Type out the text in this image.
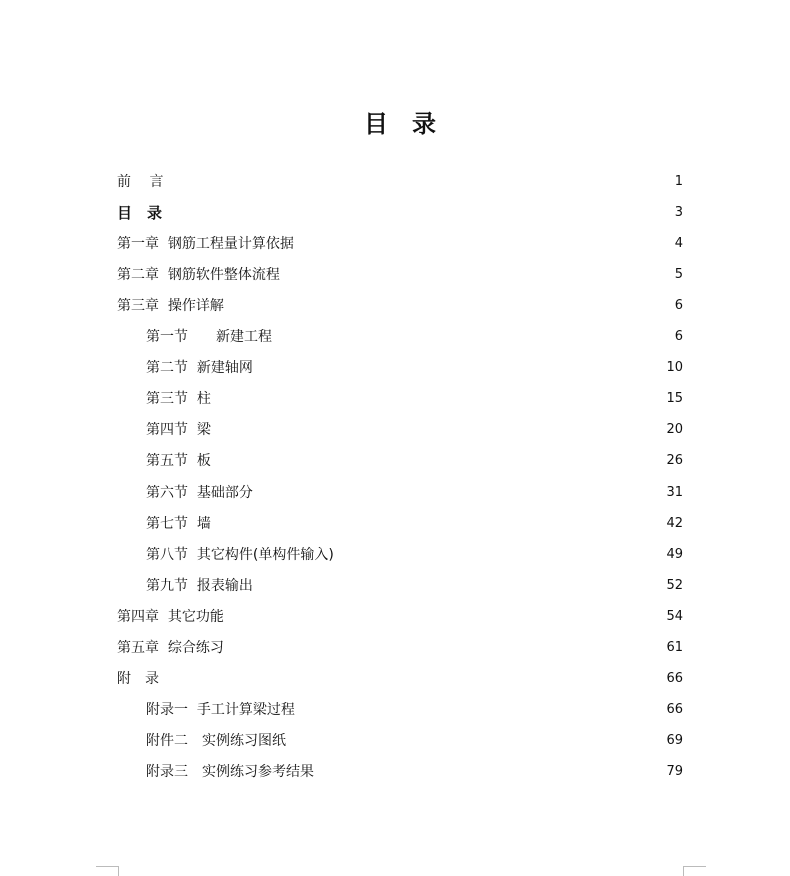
目　录
前　 言	1
目　录	3
第一章  钢筋工程量计算依据	4
第二章  钢筋软件整体流程	5
第三章  操作详解	6
第一节　　新建工程	6
第二节  新建轴网	10
第三节  柱	15
第四节  梁	20
第五节  板	26
第六节  基础部分	31
第七节  墙	42
第八节  其它构件(单构件输入)	49
第九节  报表输出	52
第四章  其它功能	54
第五章  综合练习	61
附　录	66
附录一  手工计算梁过程	66
附件二　实例练习图纸	69
附录三　实例练习参考结果	79
